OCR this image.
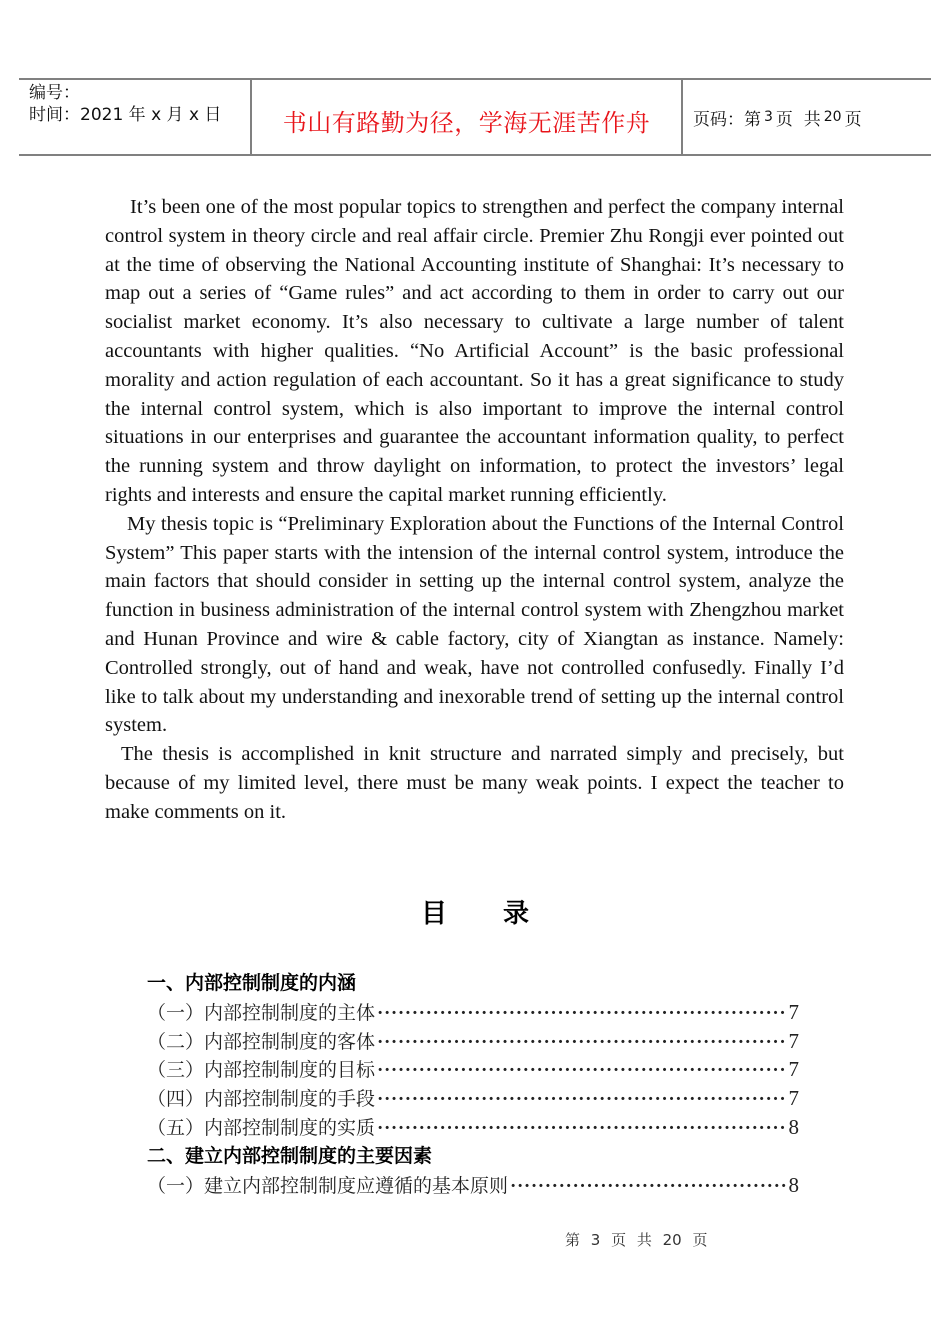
编号：
时间：2021 年 x 月 x 日	书山有路勤为径，学海无涯苦作舟	页码：第 3 页  共 20 页

It’s been one of the most popular topics to strengthen and perfect the company internal control system in theory circle and real affair circle. Premier Zhu Rongji ever pointed out at the time of observing the National Accounting institute of Shanghai: It’s necessary to map out a series of “Game rules” and act according to them in order to carry out our socialist market economy. It’s also necessary to cultivate a large number of talent accountants with higher qualities. “No Artificial Account” is the basic professional morality and action regulation of each accountant. So it has a great significance to study the internal control system, which is also important to improve the internal control situations in our enterprises and guarantee the accountant information quality, to perfect the running system and throw daylight on information, to protect the investors’ legal rights and interests and ensure the capital market running efficiently.

My thesis topic is “Preliminary Exploration about the Functions of the Internal Control System” This paper starts with the intension of the internal control system, introduce the main factors that should consider in setting up the internal control system, analyze the function in business administration of the internal control system with Zhengzhou market and Hunan Province and wire & cable factory, city of Xiangtan as instance. Namely: Controlled strongly, out of hand and weak, have not controlled confusedly. Finally I’d like to talk about my understanding and inexorable trend of setting up the internal control system.

The thesis is accomplished in knit structure and narrated simply and precisely, but because of my limited level, there must be many weak points. I expect the teacher to make comments on it.

目 录
一、内部控制制度的内涵
（一）内部控制制度的主体 ·····	7
（二）内部控制制度的客体 ·····	7
（三）内部控制制度的目标 ·····	7
（四）内部控制制度的手段 ·····	7
（五）内部控制制度的实质 ·····	8
二、建立内部控制制度的主要因素
（一）建立内部控制制度应遵循的基本原则 ·····	8
第 3 页 共 20 页
